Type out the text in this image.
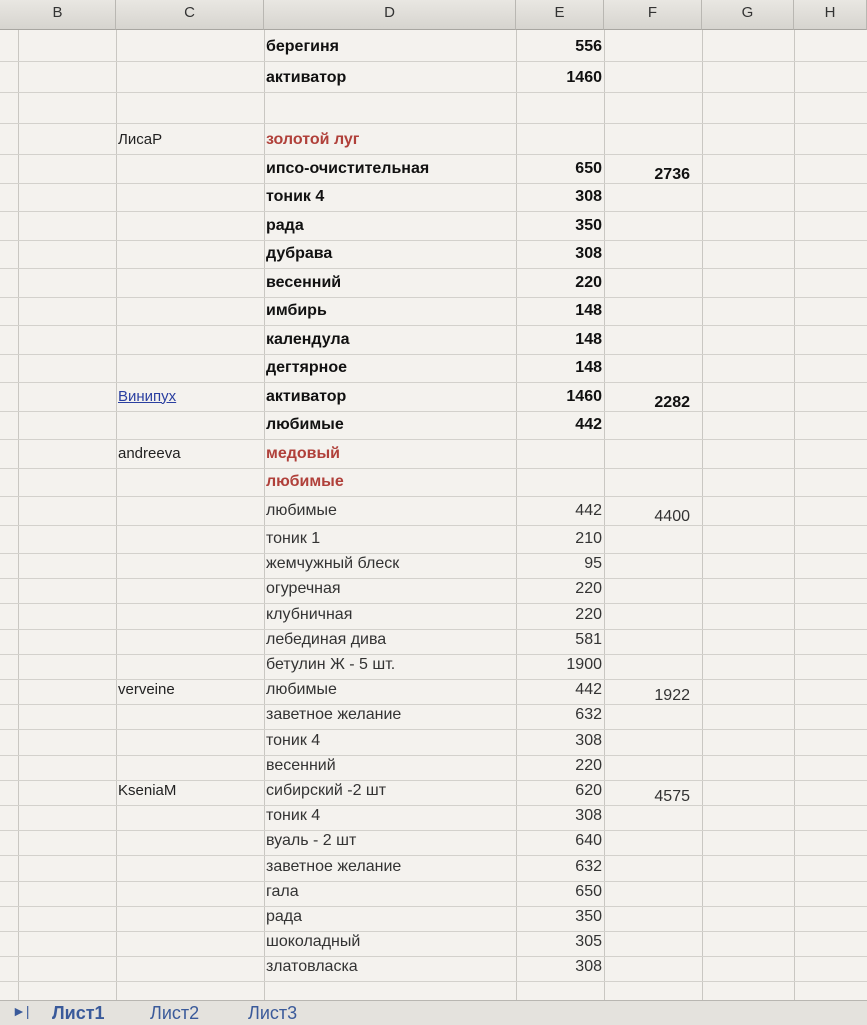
B	C	D	E	F	G	H
берегиня	556
активатор	1460
ЛисаР	золотой луг
ипсо-очистительная	650	2736
тоник 4	308
рада	350
дубрава	308
весенний	220
имбирь	148
календула	148
дегтярное	148
Винипух	активатор	1460	2282
любимые	442
andreeva	медовый
любимые
любимые	442	4400
тоник 1	210
жемчужный блеск	95
огуречная	220
клубничная	220
лебединая дива	581
бетулин Ж - 5 шт.	1900
verveine	любимые	442	1922
заветное желание	632
тоник 4	308
весенний	220
KseniaM	сибирский -2 шт	620	4575
тоник 4	308
вуаль - 2 шт	640
заветное желание	632
гала	650
рада	350
шоколадный	305
златовласка	308
►| Лист1	Лист2	Лист3
